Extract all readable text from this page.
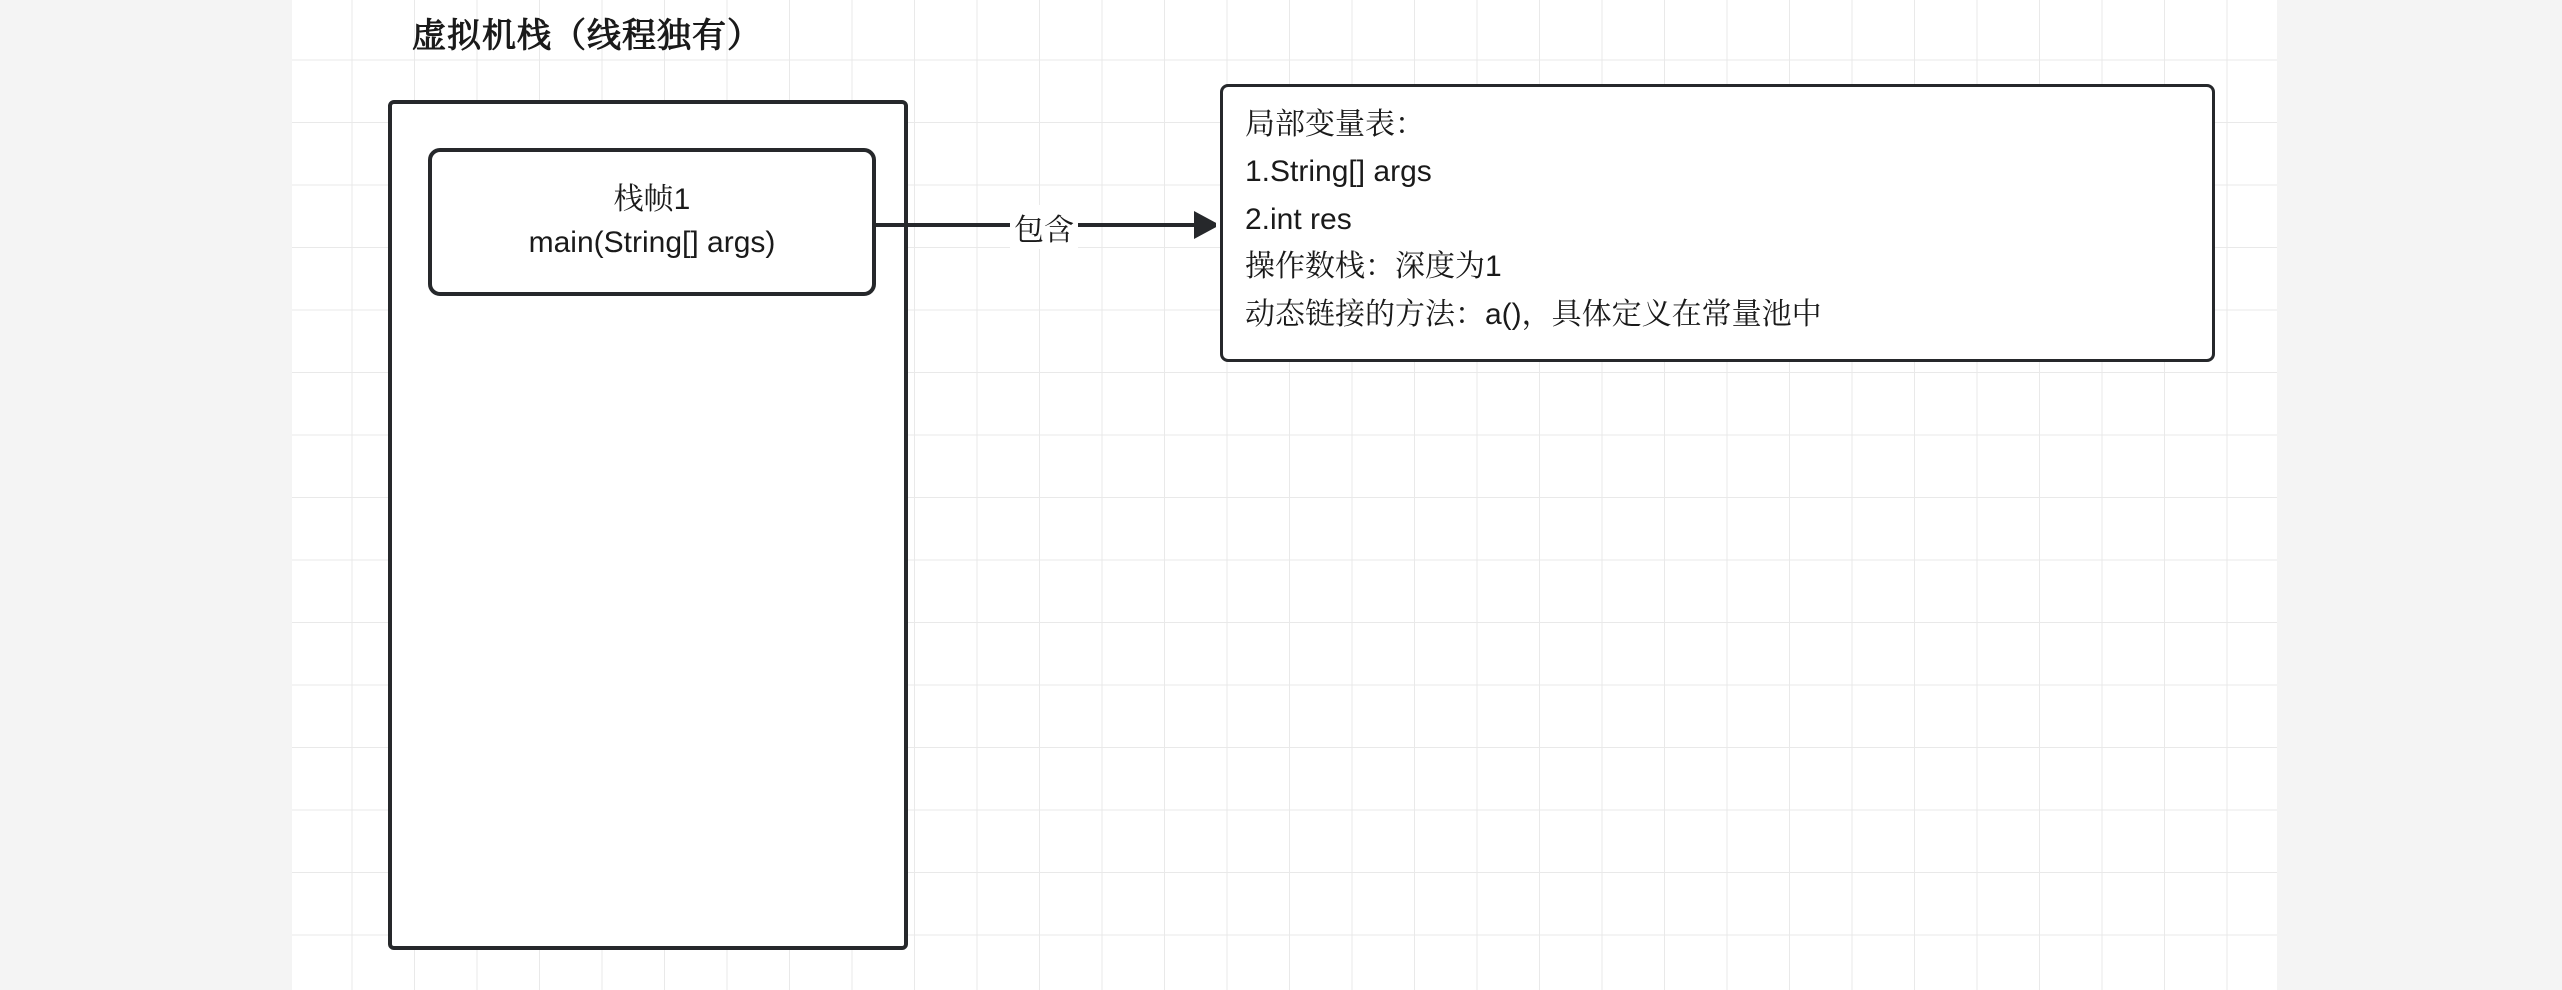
虚拟机栈（线程独有）
栈帧1
main(String[] args)	包含
局部变量表：
1.String[] args
2.int res
操作数栈：深度为1
动态链接的方法：a()，具体定义在常量池中
